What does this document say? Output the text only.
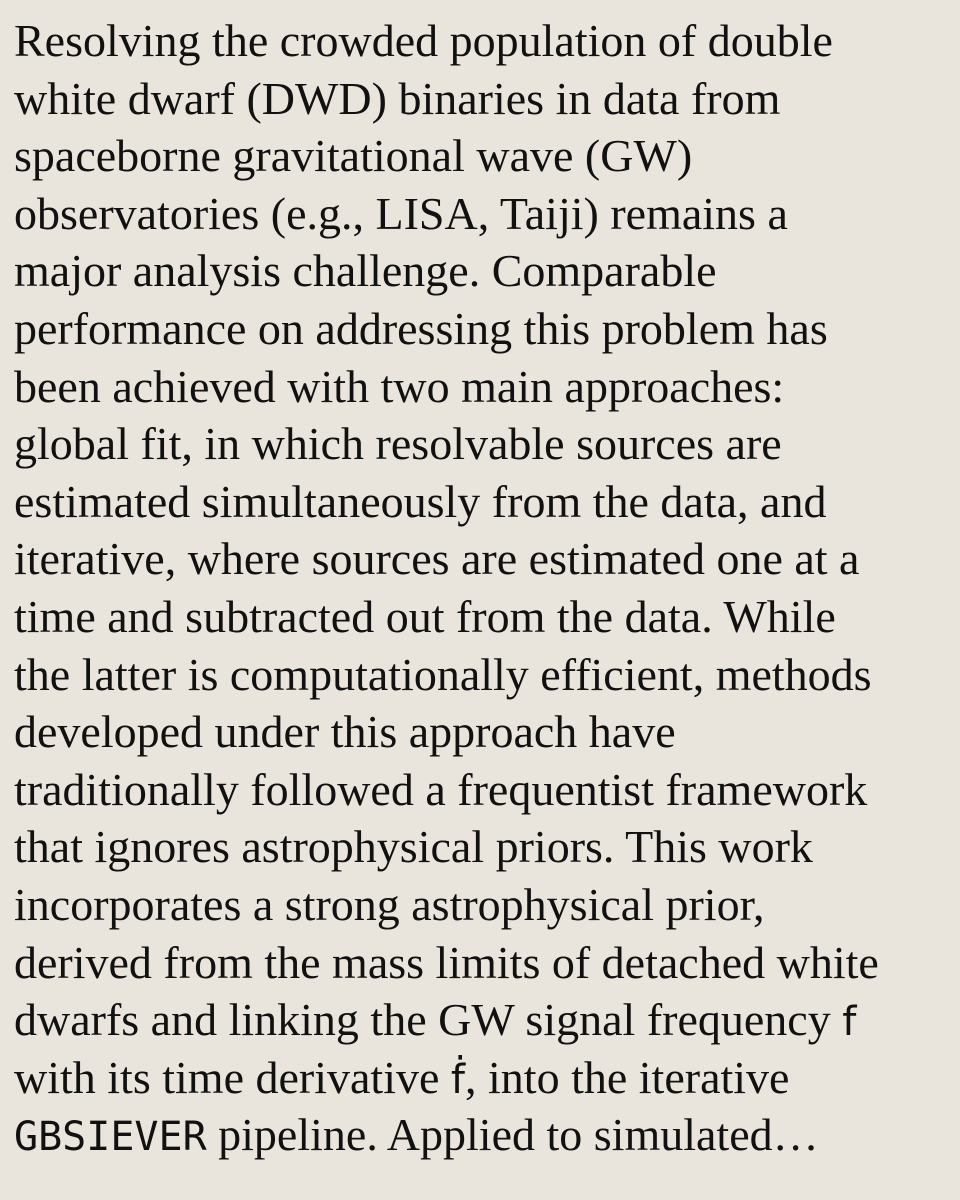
Resolving the crowded population of double
white dwarf (DWD) binaries in data from
spaceborne gravitational wave (GW)
observatories (e.g., LISA, Taiji) remains a
major analysis challenge. Comparable
performance on addressing this problem has
been achieved with two main approaches:
global fit, in which resolvable sources are
estimated simultaneously from the data, and
iterative, where sources are estimated one at a
time and subtracted out from the data. While
the latter is computationally efficient, methods
developed under this approach have
traditionally followed a frequentist framework
that ignores astrophysical priors. This work
incorporates a strong astrophysical prior,
derived from the mass limits of detached white
dwarfs and linking the GW signal frequency f
with its time derivative ḟ, into the iterative
GBSIEVER pipeline. Applied to simulated…
